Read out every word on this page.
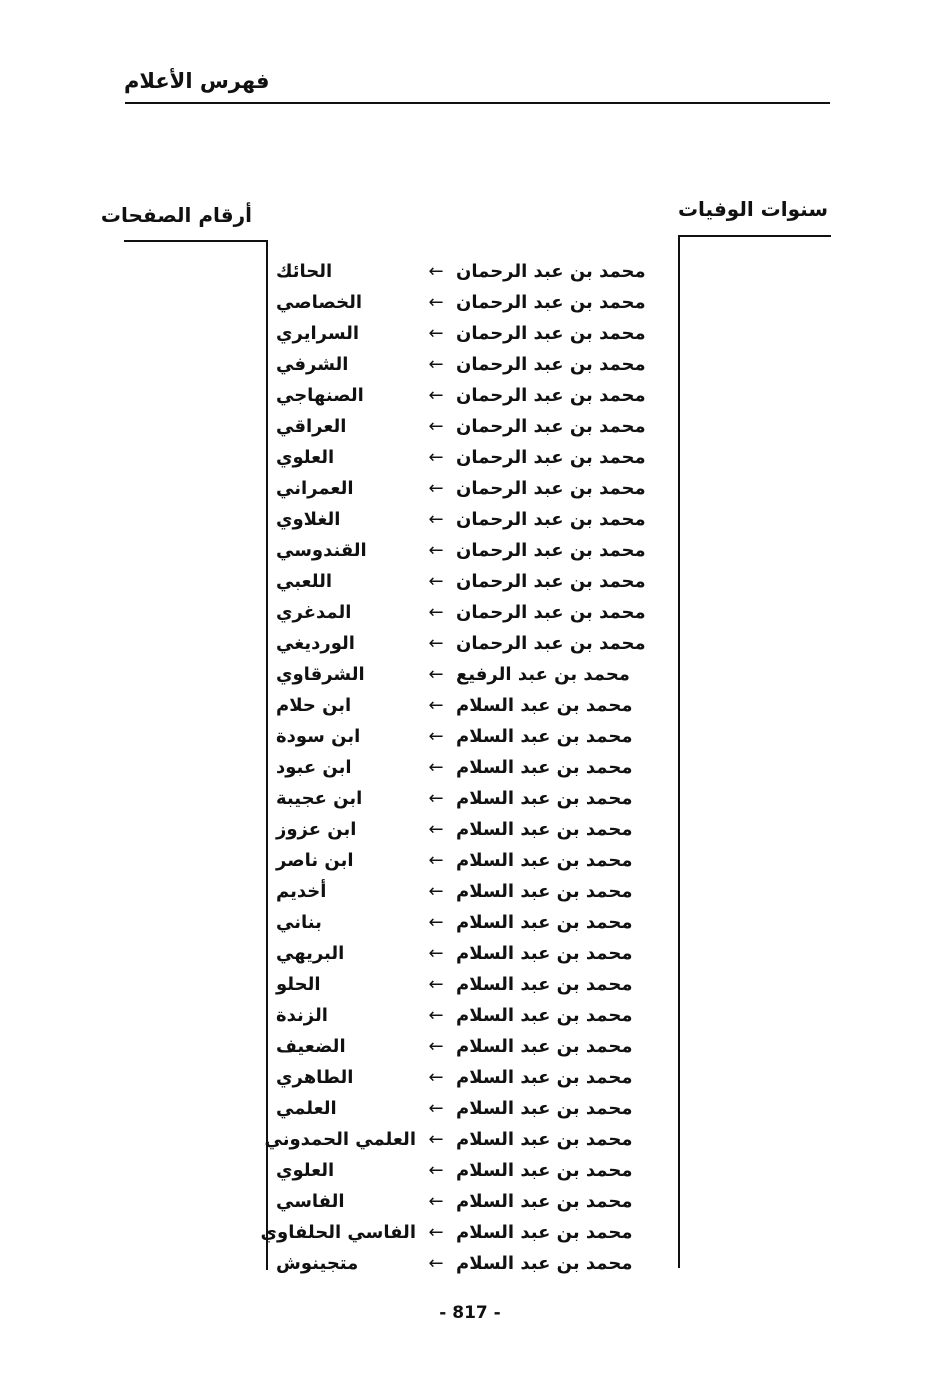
فهرس الأعلام
سنوات الوفيات
أرقام الصفحات
الحائك	← محمد بن عبد الرحمان
الخصاصي	← محمد بن عبد الرحمان
السرايري	← محمد بن عبد الرحمان
الشرفي	← محمد بن عبد الرحمان
الصنهاجي	← محمد بن عبد الرحمان
العراقي	← محمد بن عبد الرحمان
العلوي	← محمد بن عبد الرحمان
العمراني	← محمد بن عبد الرحمان
الغلاوي	← محمد بن عبد الرحمان
القندوسي	← محمد بن عبد الرحمان
اللعبي	← محمد بن عبد الرحمان
المدغري	← محمد بن عبد الرحمان
الورديغي	← محمد بن عبد الرحمان
الشرقاوي	← محمد بن عبد الرفيع
ابن حلام	← محمد بن عبد السلام
ابن سودة	← محمد بن عبد السلام
ابن عبود	← محمد بن عبد السلام
ابن عجيبة	← محمد بن عبد السلام
ابن عزوز	← محمد بن عبد السلام
ابن ناصر	← محمد بن عبد السلام
أخديم	← محمد بن عبد السلام
بناني	← محمد بن عبد السلام
البريهي	← محمد بن عبد السلام
الحلو	← محمد بن عبد السلام
الزندة	← محمد بن عبد السلام
الضعيف	← محمد بن عبد السلام
الطاهري	← محمد بن عبد السلام
العلمي	← محمد بن عبد السلام
العلمي الحمدوني ← محمد بن عبد السلام
العلوي	← محمد بن عبد السلام
الفاسي	← محمد بن عبد السلام
الفاسي الحلفاوي ← محمد بن عبد السلام
متجينوش	← محمد بن عبد السلام
- 817 -
